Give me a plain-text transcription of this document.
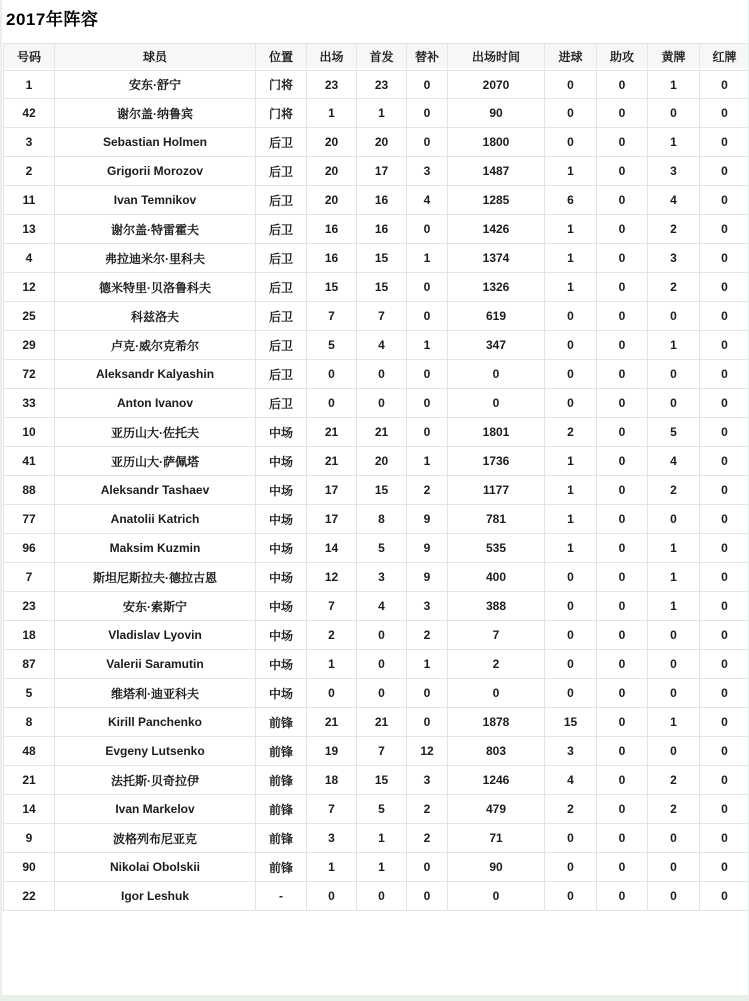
2017年阵容
号码	球员	位置	出场	首发	替补	出场时间	进球	助攻	黄牌	红牌
1	安东·舒宁	门将	23	23	0	2070	0	0	1	0
42	谢尔盖·纳鲁宾	门将	1	1	0	90	0	0	0	0
3	Sebastian Holmen	后卫	20	20	0	1800	0	0	1	0
2	Grigorii Morozov	后卫	20	17	3	1487	1	0	3	0
11	Ivan Temnikov	后卫	20	16	4	1285	6	0	4	0
13	谢尔盖·特雷霍夫	后卫	16	16	0	1426	1	0	2	0
4	弗拉迪米尔·里科夫	后卫	16	15	1	1374	1	0	3	0
12	德米特里·贝洛鲁科夫	后卫	15	15	0	1326	1	0	2	0
25	科兹洛夫	后卫	7	7	0	619	0	0	0	0
29	卢克·威尔克希尔	后卫	5	4	1	347	0	0	1	0
72	Aleksandr Kalyashin	后卫	0	0	0	0	0	0	0	0
33	Anton Ivanov	后卫	0	0	0	0	0	0	0	0
10	亚历山大·佐托夫	中场	21	21	0	1801	2	0	5	0
41	亚历山大·萨佩塔	中场	21	20	1	1736	1	0	4	0
88	Aleksandr Tashaev	中场	17	15	2	1177	1	0	2	0
77	Anatolii Katrich	中场	17	8	9	781	1	0	0	0
96	Maksim Kuzmin	中场	14	5	9	535	1	0	1	0
7	斯坦尼斯拉夫·德拉古恩	中场	12	3	9	400	0	0	1	0
23	安东·索斯宁	中场	7	4	3	388	0	0	1	0
18	Vladislav Lyovin	中场	2	0	2	7	0	0	0	0
87	Valerii Saramutin	中场	1	0	1	2	0	0	0	0
5	维塔利·迪亚科夫	中场	0	0	0	0	0	0	0	0
8	Kirill Panchenko	前锋	21	21	0	1878	15	0	1	0
48	Evgeny Lutsenko	前锋	19	7	12	803	3	0	0	0
21	法托斯·贝奇拉伊	前锋	18	15	3	1246	4	0	2	0
14	Ivan Markelov	前锋	7	5	2	479	2	0	2	0
9	波格列布尼亚克	前锋	3	1	2	71	0	0	0	0
90	Nikolai Obolskii	前锋	1	1	0	90	0	0	0	0
22	Igor Leshuk	-	0	0	0	0	0	0	0	0
